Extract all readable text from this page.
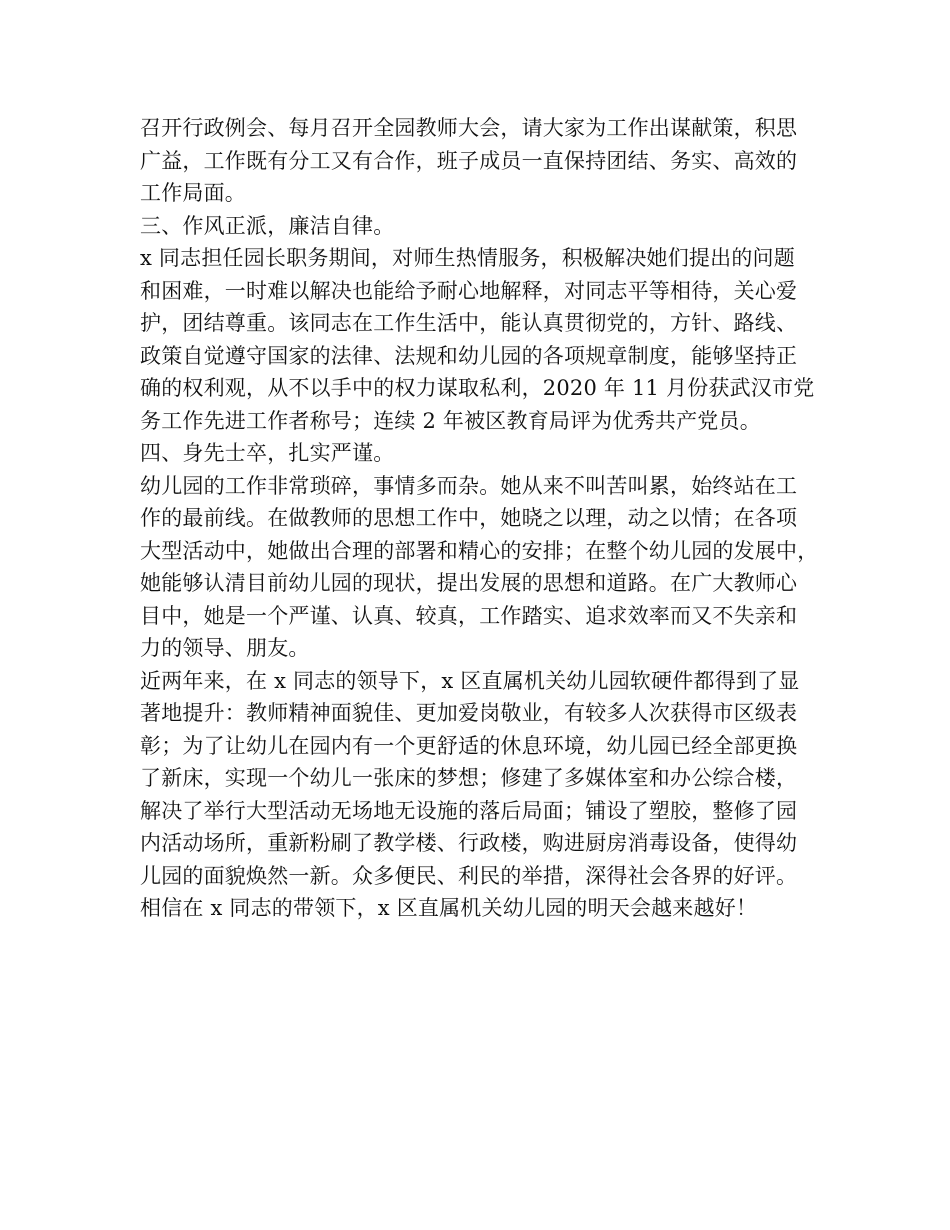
召开行政例会、每月召开全园教师大会，请大家为工作出谋献策，积思
广益，工作既有分工又有合作，班子成员一直保持团结、务实、高效的
工作局面。
三、作风正派，廉洁自律。
x 同志担任园长职务期间，对师生热情服务，积极解决她们提出的问题
和困难，一时难以解决也能给予耐心地解释，对同志平等相待，关心爱
护，团结尊重。该同志在工作生活中，能认真贯彻党的，方针、路线、
政策自觉遵守国家的法律、法规和幼儿园的各项规章制度，能够坚持正
确的权利观，从不以手中的权力谋取私利，2020 年 11 月份获武汉市党
务工作先进工作者称号；连续 2 年被区教育局评为优秀共产党员。
四、身先士卒，扎实严谨。
幼儿园的工作非常琐碎，事情多而杂。她从来不叫苦叫累，始终站在工
作的最前线。在做教师的思想工作中，她晓之以理，动之以情；在各项
大型活动中，她做出合理的部署和精心的安排；在整个幼儿园的发展中，
她能够认清目前幼儿园的现状，提出发展的思想和道路。在广大教师心
目中，她是一个严谨、认真、较真，工作踏实、追求效率而又不失亲和
力的领导、朋友。
近两年来，在 x 同志的领导下，x 区直属机关幼儿园软硬件都得到了显
著地提升：教师精神面貌佳、更加爱岗敬业，有较多人次获得市区级表
彰；为了让幼儿在园内有一个更舒适的休息环境，幼儿园已经全部更换
了新床，实现一个幼儿一张床的梦想；修建了多媒体室和办公综合楼，
解决了举行大型活动无场地无设施的落后局面；铺设了塑胶，整修了园
内活动场所，重新粉刷了教学楼、行政楼，购进厨房消毒设备，使得幼
儿园的面貌焕然一新。众多便民、利民的举措，深得社会各界的好评。
相信在 x 同志的带领下，x 区直属机关幼儿园的明天会越来越好！
